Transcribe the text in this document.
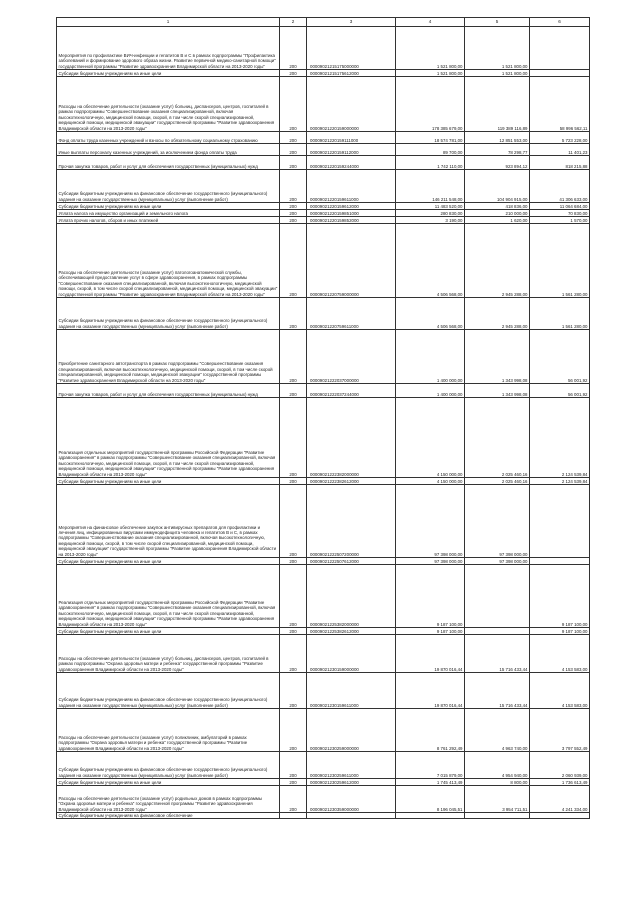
1	2	3	4	5	6
Мероприятия по профилактике ВИЧ-инфекции и гепатитов В и С в рамках подпрограммы "Профилактика заболеваний и формирование здорового образа жизни. Развитие первичной медико-санитарной помощи" государственной программы "Развитие здравоохранения Владимирской области на 2013-2020 годы"	200	00009021215175000000	1 521 800,00	1 521 800,00	
Субсидии бюджетным учреждениям на иные цели	200	00009021215175612000	1 521 800,00	1 521 800,00	
Расходы на обеспечение деятельности (оказание услуг) больниц, диспансеров, центров, госпиталей в рамках подпрограммы "Совершенствование оказания специализированной, включая высокотехнологичную, медицинской помощи, скорой, в том числе скорой специализированной, медицинской помощи, медицинской эвакуации" государственной программы "Развитие здравоохранения Владимирской области на 2013-2020 годы"	200	00009021220159000000	178 385 679,00	119 389 116,89	58 996 562,11
Фонд оплаты труда казенных учреждений и взносы по обязательному социальному страхованию	200	00009021220159111000	18 574 781,00	12 851 553,00	5 723 228,00
Иные выплаты персоналу казенных учреждений, за исключением фонда оплаты труда	200	00009021220159112000	89 700,00	78 298,77	11 401,23
Прочая закупка товаров, работ и услуг для обеспечения государственных (муниципальных) нужд	200	00009021220159244000	1 742 110,00	923 894,12	818 215,88
Субсидии бюджетным учреждениям на финансовое обеспечение государственного (муниципального) задания на оказание государственных (муниципальных) услуг (выполнение работ)	200	00009021220159611000	146 211 548,00	104 904 915,00	41 306 633,00
Субсидии бюджетным учреждениям на иные цели	200	00009021220159612000	11 483 520,00	418 836,00	11 064 684,00
Уплата налога на имущество организаций и земельного налога	200	00009021220159851000	280 830,00	210 000,00	70 830,00
Уплата прочих налогов, сборов и иных платежей	200	00009021220159852000	3 190,00	1 620,00	1 570,00
Расходы на обеспечение деятельности (оказание услуг) патологоанатомической службы, обеспечивающей предоставление услуг в сфере здравоохранения, в рамках подпрограммы "Совершенствование оказания специализированной, включая высокотехнологичную, медицинской помощи, скорой, в том числе скорой специализированной, медицинской помощи, медицинской эвакуации" государственной программы "Развитие здравоохранения Владимирской области на 2013-2020 годы"	200	00009021220759000000	4 506 568,00	2 945 288,00	1 561 280,00
Субсидии бюджетным учреждениям на финансовое обеспечение государственного (муниципального) задания на оказание государственных (муниципальных) услуг (выполнение работ)	200	00009021220759611000	4 506 568,00	2 945 288,00	1 561 280,00
Приобретение санитарного автотранспорта в рамках подпрограммы "Совершенствование оказания специализированной, включая высокотехнологичную, медицинской помощи, скорой, в том числе скорой специализированной, медицинской помощи, медицинской эвакуации" государственной программы "Развитие здравоохранения Владимирской области на 2013-2020 годы"	200	00009021222037000000	1 400 000,00	1 343 998,08	56 001,92
Прочая закупка товаров, работ и услуг для обеспечения государственных (муниципальных) нужд	200	00009021222037244000	1 400 000,00	1 343 998,08	56 001,92
Реализация отдельных мероприятий государственной программы Российской Федерации "Развитие здравоохранения" в рамках подпрограммы "Совершенствование оказания специализированной, включая высокотехнологичную, медицинской помощи, скорой, в том числе скорой специализированной, медицинской помощи, медицинской эвакуации" государственной программы "Развитие здравоохранения Владимирской области на 2013-2020 годы"	200	00009021222382000000	4 150 000,00	2 025 460,16	2 124 539,84
Субсидии бюджетным учреждениям на иные цели	200	00009021222382612000	4 150 000,00	2 025 460,16	2 124 539,84
Мероприятия на финансовое обеспечение закупок антивирусных препаратов для профилактики и лечения лиц, инфицированных вирусами иммунодефицита человека и гепатитов В и С, в рамках подпрограммы "Совершенствование оказания специализированной, включая высокотехнологичную, медицинской помощи, скорой, в том числе скорой специализированной, медицинской помощи, медицинской эвакуации" государственной программы "Развитие здравоохранения Владимирской области на 2013-2020 годы"	200	00009021222507200000	97 398 000,00	97 398 000,00	
Субсидии бюджетным учреждениям на иные цели	200	00009021222507612000	97 398 000,00	97 398 000,00	
Реализация отдельных мероприятий государственной программы Российской Федерации "Развитие здравоохранения" в рамках подпрограммы "Совершенствование оказания специализированной, включая высокотехнологичную, медицинской помощи, скорой, в том числе скорой специализированной, медицинской помощи, медицинской эвакуации" государственной программы "Развитие здравоохранения Владимирской области на 2013-2020 годы"	200	00009021225382000000	9 187 100,00		9 187 100,00
Субсидии бюджетным учреждениям на иные цели	200	00009021225382612000	9 187 100,00		9 187 100,00
Расходы на обеспечение деятельности (оказание услуг) больниц, диспансеров, центров, госпиталей в рамках подпрограммы "Охрана здоровья матери и ребенка" государственной программы "Развитие здравоохранения Владимирской области на 2013-2020 годы"	200	00009021230159000000	19 870 016,44	15 716 433,44	4 153 583,00
Субсидии бюджетным учреждениям на финансовое обеспечение государственного (муниципального) задания на оказание государственных (муниципальных) услуг (выполнение работ)	200	00009021230159611000	19 870 016,44	15 716 433,44	4 153 583,00
Расходы на обеспечение деятельности (оказание услуг) поликлиник, амбулаторий в рамках подпрограммы "Охрана здоровья матери и ребенка" государственной программы "Развитие здравоохранения Владимирской области на 2013-2020 годы"	200	00009021230259000000	8 761 292,49	4 963 740,00	3 797 552,49
Субсидии бюджетным учреждениям на финансовое обеспечение государственного (муниципального) задания на оказание государственных (муниципальных) услуг (выполнение работ)	200	00009021230259611000	7 015 879,00	4 954 940,00	2 060 939,00
Субсидии бюджетным учреждениям на иные цели	200	00009021230259612000	1 745 413,49	8 800,00	1 736 613,49
Расходы на обеспечение деятельности (оказание услуг) родильных домов в рамках подпрограммы "Охрана здоровья матери и ребенка" государственной программы "Развитие здравоохранения Владимирской области на 2013-2020 годы"	200	00009021230359000000	8 196 045,51	3 954 711,51	4 241 334,00
Субсидии бюджетным учреждениям на финансовое обеспечение					
